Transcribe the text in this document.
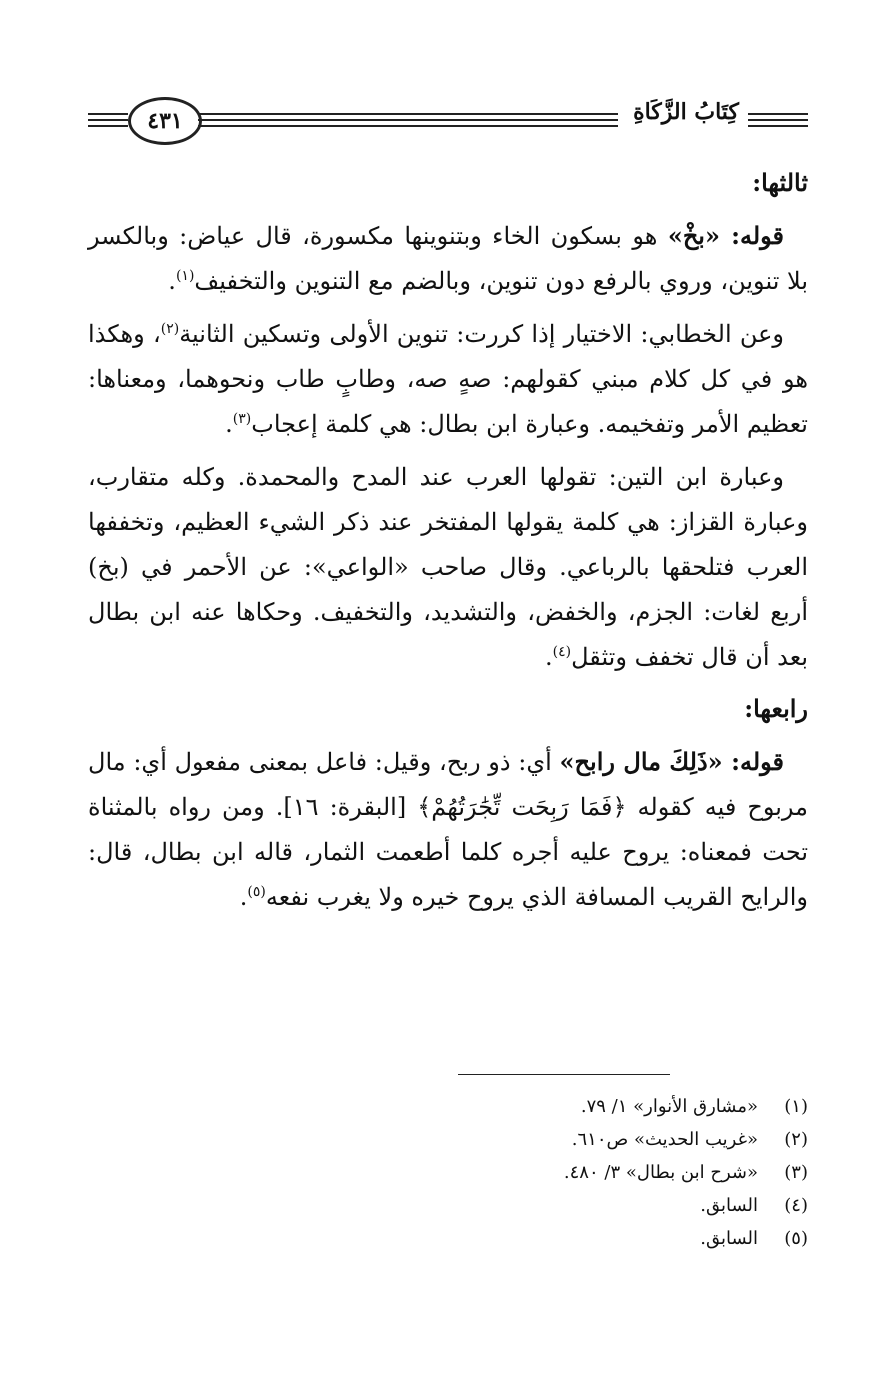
٤٣١	كِتَابُ الزَّكَاةِ

ثالثها:

قوله: «بخْ» هو بسكون الخاء وبتنوينها مكسورة، قال عياض: وبالكسر بلا تنوين، وروي بالرفع دون تنوين، وبالضم مع التنوين والتخفيف$^{(١)}$.

وعن الخطابي: الاختيار إذا كررت: تنوين الأولى وتسكين الثانية$^{(٢)}$، وهكذا هو في كل كلام مبني كقولهم: صهٍ صه، وطابٍ طاب ونحوهما، ومعناها: تعظيم الأمر وتفخيمه. وعبارة ابن بطال: هي كلمة إعجاب$^{(٣)}$.

وعبارة ابن التين: تقولها العرب عند المدح والمحمدة. وكله متقارب، وعبارة القزاز: هي كلمة يقولها المفتخر عند ذكر الشيء العظيم، وتخففها العرب فتلحقها بالرباعي. وقال صاحب «الواعي»: عن الأحمر في (بخ) أربع لغات: الجزم، والخفض، والتشديد، والتخفيف. وحكاها عنه ابن بطال بعد أن قال تخفف وتثقل$^{(٤)}$.

رابعها:

قوله: «ذَلِكَ مال رابح» أي: ذو ربح، وقيل: فاعل بمعنى مفعول أي: مال مربوح فيه كقوله ﴿فَمَا رَبِحَت تِّجَٰرَتُهُمْ﴾ [البقرة: ١٦]. ومن رواه بالمثناة تحت فمعناه: يروح عليه أجره كلما أطعمت الثمار، قاله ابن بطال، قال: والرايح القريب المسافة الذي يروح خيره ولا يغرب نفعه$^{(٥)}$.

(١)
«مشارق الأنوار» ١/ ٧٩.
(٢)
«غريب الحديث» ص٦١٠.
(٣)
«شرح ابن بطال» ٣/ ٤٨٠.
(٤)
السابق.
(٥)
السابق.
